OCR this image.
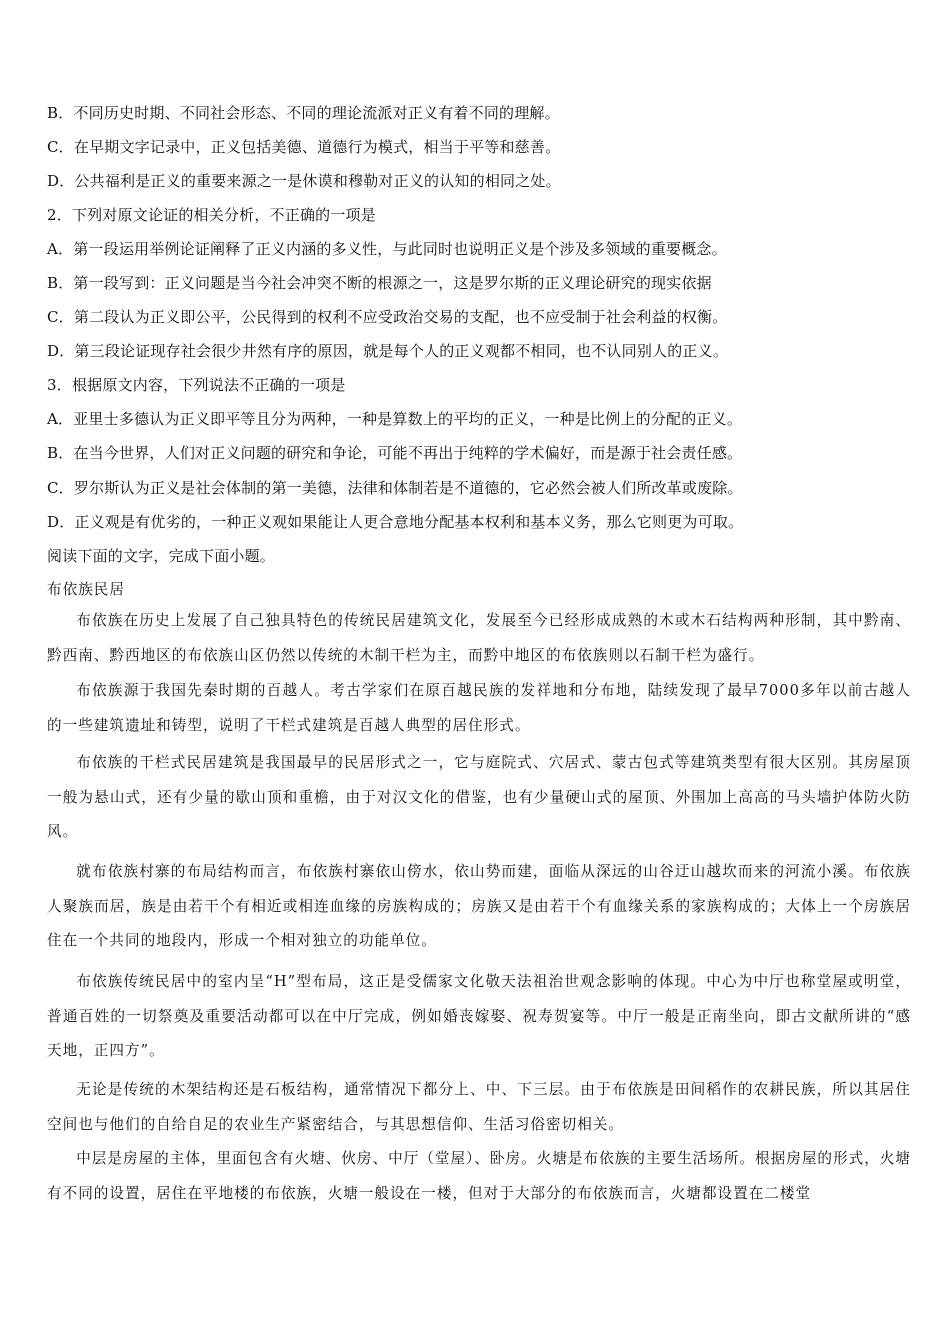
B．不同历史时期、不同社会形态、不同的理论流派对正义有着不同的理解。
C．在早期文字记录中，正义包括美德、道德行为模式，相当于平等和慈善。
D．公共福利是正义的重要来源之一是休谟和穆勒对正义的认知的相同之处。
2．下列对原文论证的相关分析，不正确的一项是
A．第一段运用举例论证阐释了正义内涵的多义性，与此同时也说明正义是个涉及多领域的重要概念。
B．第一段写到：正义问题是当今社会冲突不断的根源之一，这是罗尔斯的正义理论研究的现实依据
C．第二段认为正义即公平，公民得到的权利不应受政治交易的支配，也不应受制于社会利益的权衡。
D．第三段论证现存社会很少井然有序的原因，就是每个人的正义观都不相同，也不认同别人的正义。
3．根据原文内容，下列说法不正确的一项是
A．亚里士多德认为正义即平等且分为两种，一种是算数上的平均的正义，一种是比例上的分配的正义。
B．在当今世界，人们对正义问题的研究和争论，可能不再出于纯粹的学术偏好，而是源于社会责任感。
C．罗尔斯认为正义是社会体制的第一美德，法律和体制若是不道德的，它必然会被人们所改革或废除。
D．正义观是有优劣的，一种正义观如果能让人更合意地分配基本权利和基本义务，那么它则更为可取。
阅读下面的文字，完成下面小题。
布依族民居

布依族在历史上发展了自己独具特色的传统民居建筑文化，发展至今已经形成成熟的木或木石结构两种形制，其中黔南、黔西南、黔西地区的布依族山区仍然以传统的木制干栏为主，而黔中地区的布依族则以石制干栏为盛行。

布依族源于我国先秦时期的百越人。考古学家们在原百越民族的发祥地和分布地，陆续发现了最早7000多年以前古越人的一些建筑遗址和铸型，说明了干栏式建筑是百越人典型的居住形式。

布依族的干栏式民居建筑是我国最早的民居形式之一，它与庭院式、穴居式、蒙古包式等建筑类型有很大区别。其房屋顶一般为悬山式，还有少量的歇山顶和重檐，由于对汉文化的借鉴，也有少量硬山式的屋顶、外围加上高高的马头墙护体防火防风。

就布依族村寨的布局结构而言，布依族村寨依山傍水，依山势而建，面临从深远的山谷迂山越坎而来的河流小溪。布依族人聚族而居，族是由若干个有相近或相连血缘的房族构成的；房族又是由若干个有血缘关系的家族构成的；大体上一个房族居住在一个共同的地段内，形成一个相对独立的功能单位。

布依族传统民居中的室内呈“H”型布局，这正是受儒家文化敬天法祖治世观念影响的体现。中心为中厅也称堂屋或明堂，普通百姓的一切祭奠及重要活动都可以在中厅完成，例如婚丧嫁娶、祝寿贺宴等。中厅一般是正南坐向，即古文献所讲的“感天地，正四方”。

无论是传统的木架结构还是石板结构，通常情况下都分上、中、下三层。由于布依族是田间稻作的农耕民族，所以其居住空间也与他们的自给自足的农业生产紧密结合，与其思想信仰、生活习俗密切相关。

中层是房屋的主体，里面包含有火塘、伙房、中厅（堂屋）、卧房。火塘是布依族的主要生活场所。根据房屋的形式，火塘有不同的设置，居住在平地楼的布依族，火塘一般设在一楼，但对于大部分的布依族而言，火塘都设置在二楼堂
